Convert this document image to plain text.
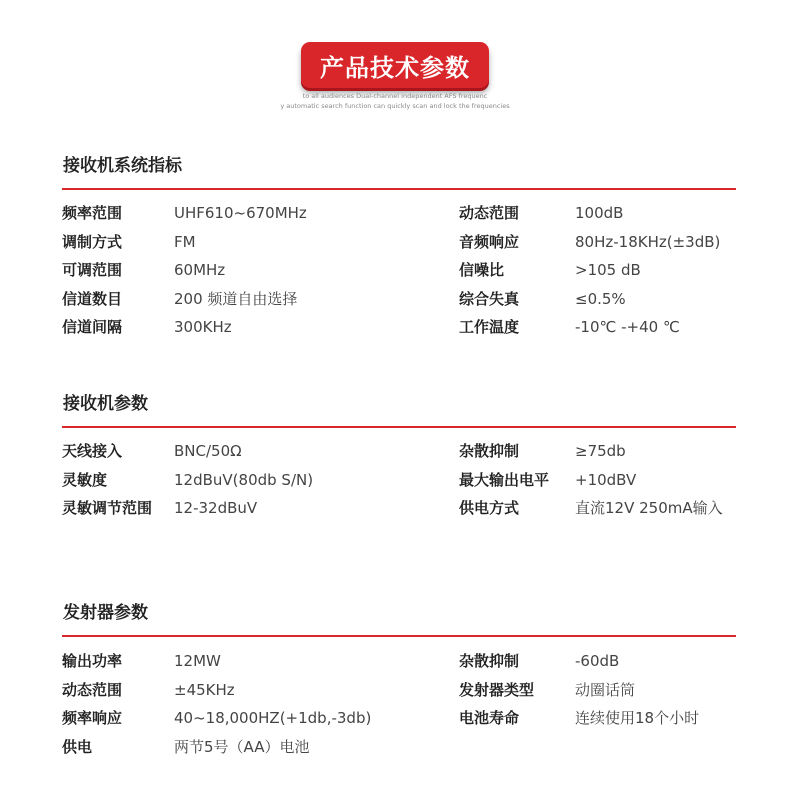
产品技术参数
to all audiences Dual-channel independent AFS frequenc
y automatic search function can quickly scan and lock the frequencies
接收机系统指标
频率范围	UHF610~670MHz	动态范围	100dB
调制方式	FM	音频响应	80Hz-18KHz(±3dB)
可调范围	60MHz	信噪比	>105 dB
信道数目	200 频道自由选择	综合失真	≤0.5%
信道间隔	300KHz	工作温度	-10℃ -+40 ℃
接收机参数
天线接入	BNC/50Ω	杂散抑制	≥75db
灵敏度	12dBuV(80db S/N)	最大输出电平 +10dBV
灵敏调节范围 12-32dBuV	供电方式	直流12V 250mA输入
发射器参数
输出功率	12MW	杂散抑制	-60dB
动态范围	±45KHz	发射器类型	动圈话筒
频率响应	40~18,000HZ(+1db,-3db)	电池寿命	连续使用18个小时
供电	两节5号（AA）电池
